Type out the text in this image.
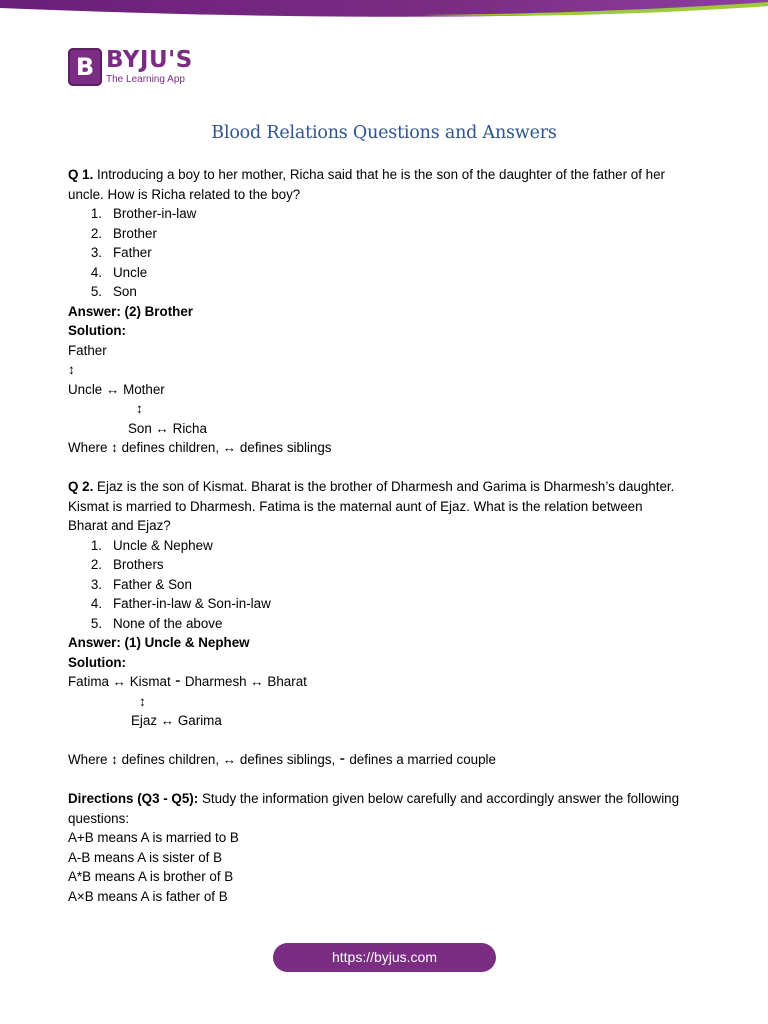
B BYJU'S
The Learning App
Blood Relations Questions and Answers
Q 1. Introducing a boy to her mother, Richa said that he is the son of the daughter of the father of her
uncle. How is Richa related to the boy?
1. Brother-in-law
2. Brother
3. Father
4. Uncle
5. Son
Answer: (2) Brother
Solution:
Father
↕
Uncle ↔ Mother
↕
Son ↔ Richa
Where ↕ defines children, ↔ defines siblings
Q 2. Ejaz is the son of Kismat. Bharat is the brother of Dharmesh and Garima is Dharmesh’s daughter.
Kismat is married to Dharmesh. Fatima is the maternal aunt of Ejaz. What is the relation between
Bharat and Ejaz?
1. Uncle & Nephew
2. Brothers
3. Father & Son
4. Father-in-law & Son-in-law
5. None of the above
Answer: (1) Uncle & Nephew
Solution:
Fatima ↔ Kismat ⁃ Dharmesh ↔ Bharat
↕
Ejaz ↔ Garima
Where ↕ defines children, ↔ defines siblings, ⁃ defines a married couple
Directions (Q3 - Q5): Study the information given below carefully and accordingly answer the following
questions:
A+B means A is married to B
A-B means A is sister of B
A*B means A is brother of B
A×B means A is father of B
https://byjus.com
